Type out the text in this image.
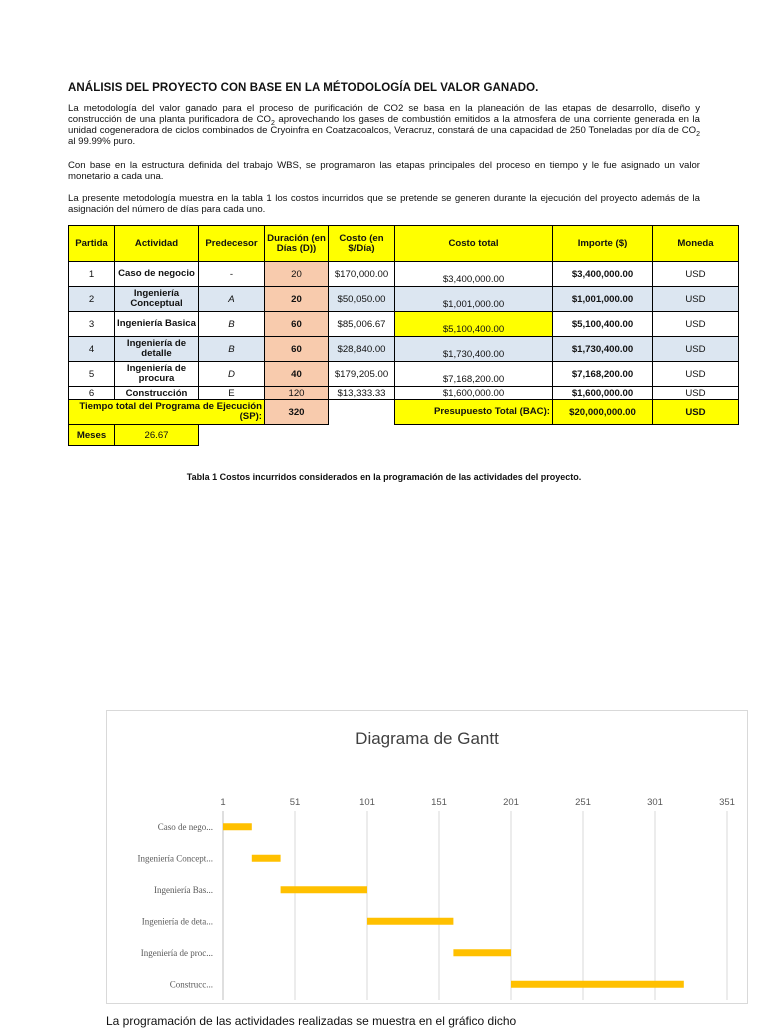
ANÁLISIS DEL PROYECTO CON BASE EN LA MÉTODOLOGÍA DEL VALOR GANADO.
La metodología del valor ganado para el proceso de purificación de CO2 se basa en la planeación de las etapas de desarrollo, diseño y construcción de una planta purificadora de $CO_2$ aprovechando los gases de combustión emitidos a la atmosfera de una corriente generada en la unidad cogeneradora de ciclos combinados de Cryoinfra en Coatzacoalcos, Veracruz, constará de una capacidad de 250 Toneladas por día de $CO_2$ al 99.99% puro.
Con base en la estructura definida del trabajo WBS, se programaron las etapas principales del proceso en tiempo y le fue asignado un valor monetario a cada una.
La presente metodología muestra en la tabla 1 los costos incurridos que se pretende se generen durante la ejecución del proyecto además de la asignación del número de días para cada uno.
Partida	Actividad	Predecesor	Duración (en Días (D))	Costo (en $/Día)	Costo total	Importe ($)	Moneda
1	Caso de negocio	-	20	$170,000.00	$3,400,000.00	$3,400,000.00	USD
2	Ingeniería Conceptual	A	20	$50,050.00	$1,001,000.00	$1,001,000.00	USD
3	Ingeniería Basica	B	60	$85,006.67	$5,100,400.00	$5,100,400.00	USD
4	Ingeniería de detalle	B	60	$28,840.00	$1,730,400.00	$1,730,400.00	USD
5	Ingeniería de procura	D	40	$179,205.00	$7,168,200.00	$7,168,200.00	USD
6	Construcción	E	120	$13,333.33	$1,600,000.00	$1,600,000.00	USD
Tiempo total del Programa de Ejecución (SP):			320		Presupuesto Total (BAC):	$20,000,000.00	USD
Meses	26.67						
Tabla 1 Costos incurridos considerados en la programación de las actividades del proyecto.
Diagrama de Gantt
1	51	101	151	201	251	301	351
Caso de nego...
Ingeniería Concept...
Ingeniería Bas...
Ingeniería de deta...
Ingeniería de proc...
Construcc...
La programación de las actividades realizadas se muestra en el gráfico dicho
